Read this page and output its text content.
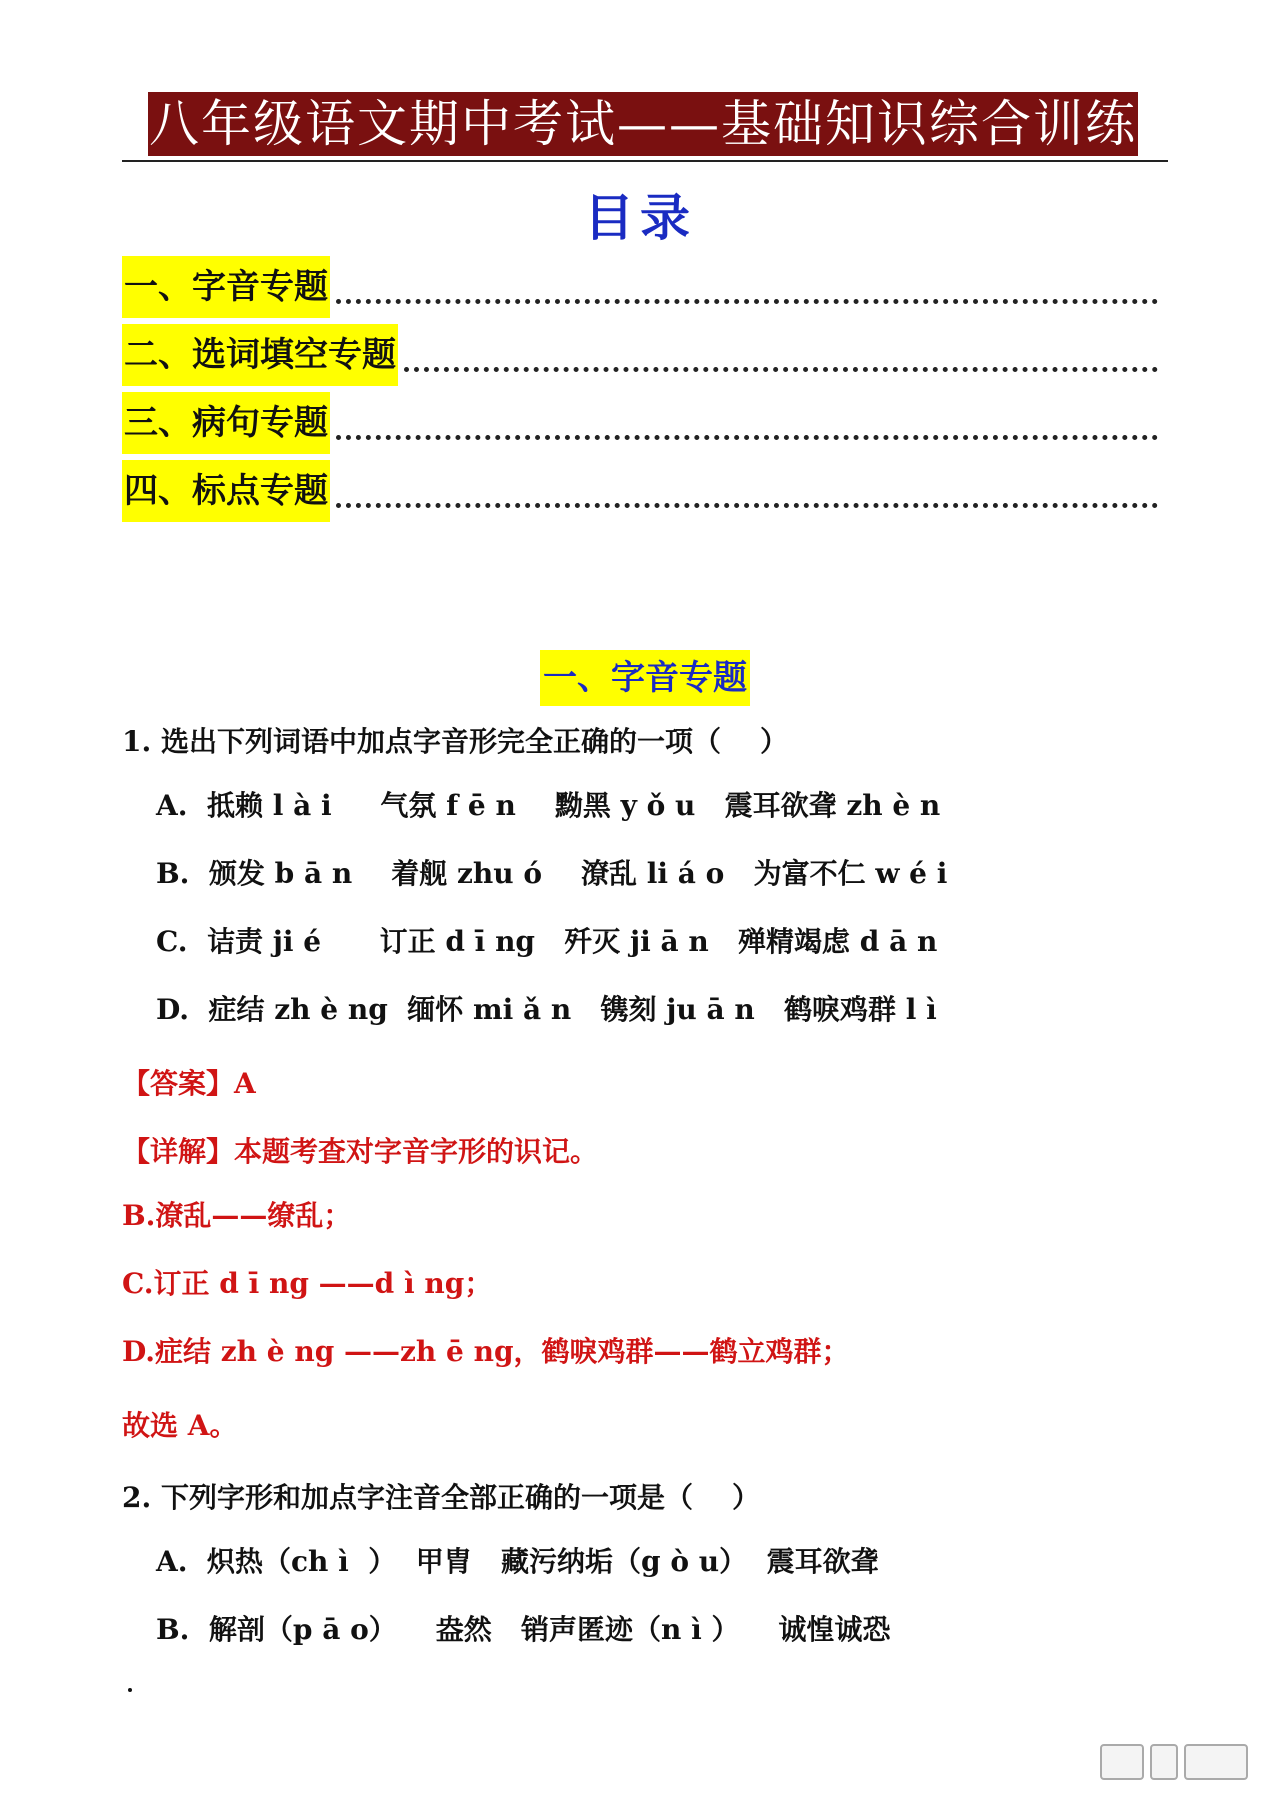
八年级语文期中考试——基础知识综合训练
目录
一、字音专题
二、选词填空专题
三、病句专题
四、标点专题
一、字音专题
1. 选出下列词语中加点字音形完全正确的一项（    ）
A.  抵赖 l à i     气氛 f ē n    黝黑 y ǒ u   震耳欲聋 zh è n
B.  颁发 b ā n    着舰 zhu ó    潦乱 li á o   为富不仁 w é i
C.  诘责 ji é      订正 d ī ng   歼灭 ji ā n   殚精竭虑 d ā n
D.  症结 zh è ng  缅怀 mi ǎ n   镌刻 ju ā n   鹤唳鸡群 l ì
【答案】A
【详解】本题考查对字音字形的识记。
B.潦乱——缭乱；
C.订正 d ī ng ——d ì ng；
D.症结 zh è ng ——zh ē ng，鹤唳鸡群——鹤立鸡群；
故选 A。
2. 下列字形和加点字注音全部正确的一项是（    ）
A.  炽热（ch ì  ）  甲胄   藏污纳垢（g ò u）  震耳欲聋
B.  解剖（p ā o）    盎然   销声匿迹（n ì ）    诚惶诚恐
